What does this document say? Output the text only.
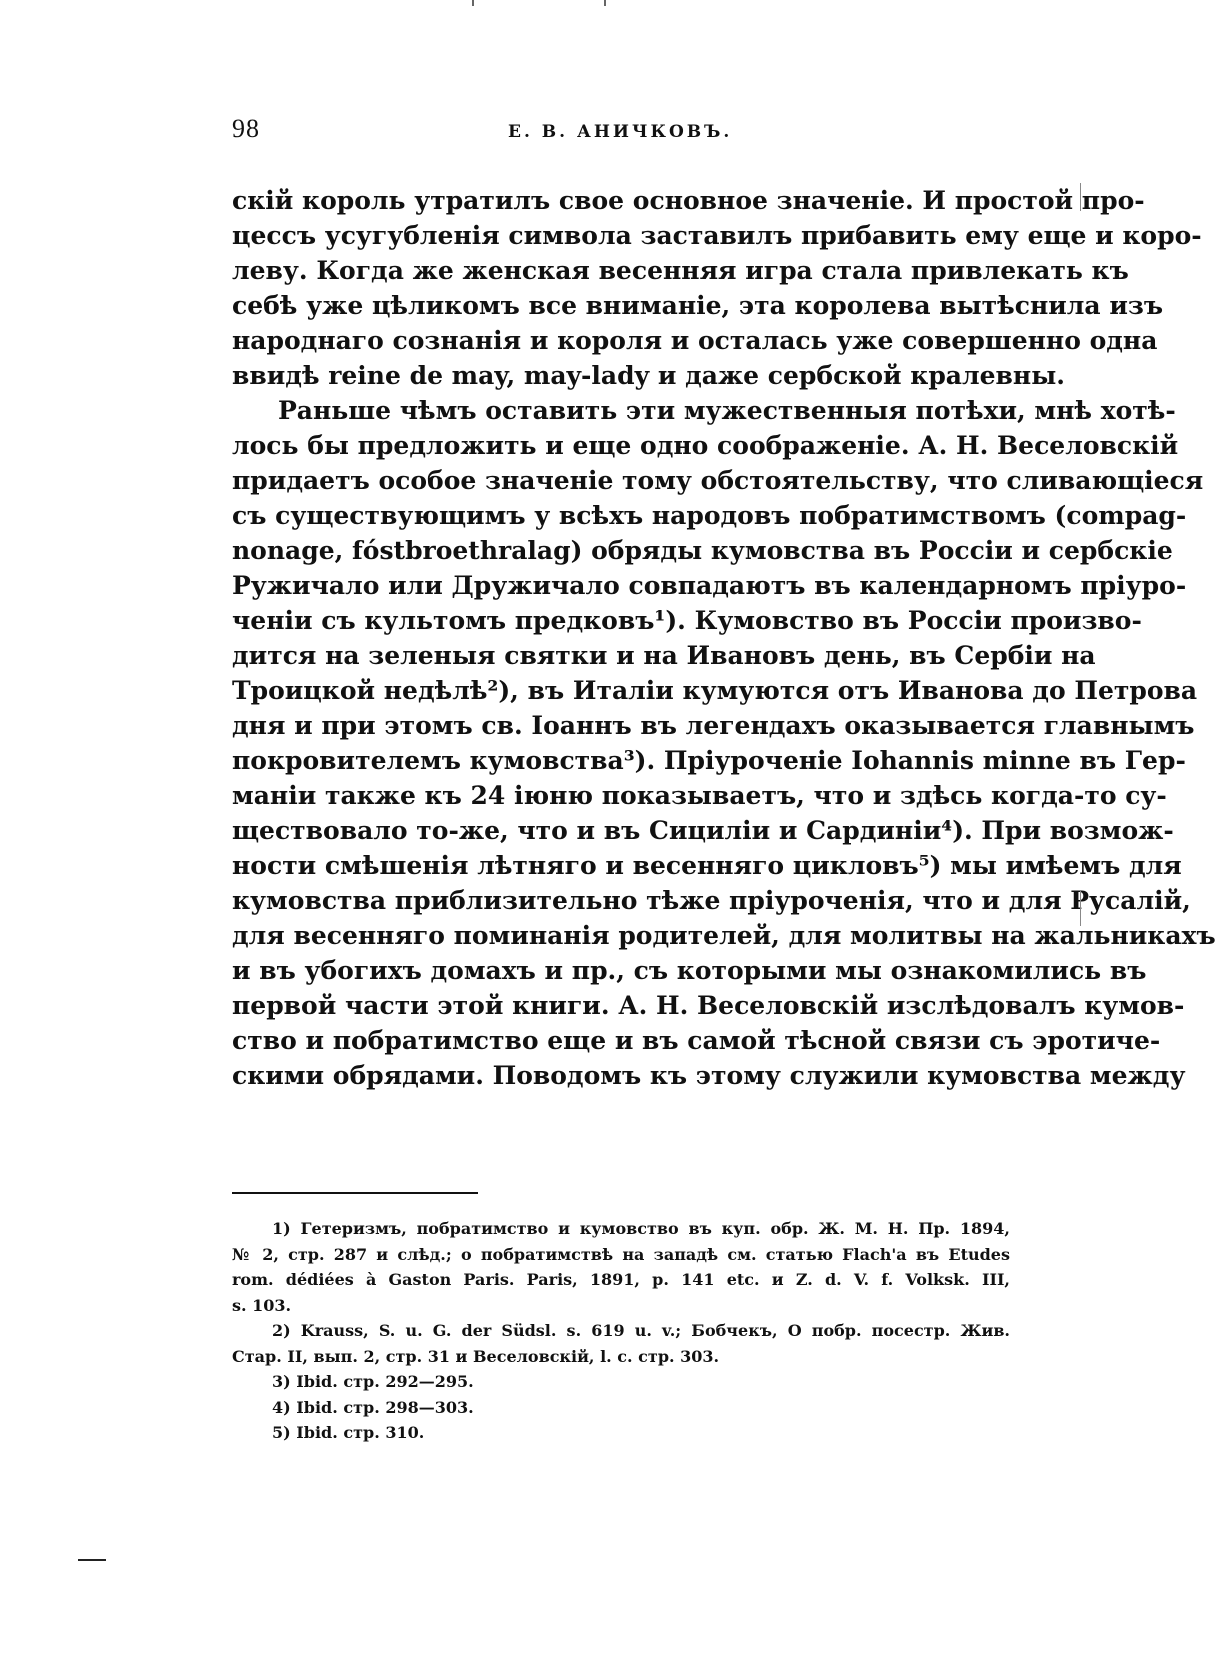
98	Е. В. АНИЧКОВЪ.
скій король утратилъ свое основное значеніе. И простой про-
цессъ усугубленія символа заставилъ прибавить ему еще и коро-
леву. Когда же женская весенняя игра стала привлекать къ
себѣ уже цѣликомъ все вниманіе, эта королева вытѣснила изъ
народнаго сознанія и короля и осталась уже совершенно одна
ввидѣ reine de may, may-lady и даже сербской кралевны.
Раньше чѣмъ оставить эти мужественныя потѣхи, мнѣ хотѣ-
лось бы предложить и еще одно соображеніе. А. Н. Веселовскій
придаетъ особое значеніе тому обстоятельству, что сливающіеся
съ существующимъ у всѣхъ народовъ побратимствомъ (compag-
nonage, fóstbroethralag) обряды кумовства въ Россіи и сербскіе
Ружичало или Дружичало совпадаютъ въ календарномъ пріуро-
ченіи съ культомъ предковъ¹). Кумовство въ Россіи произво-
дится на зеленыя святки и на Ивановъ день, въ Сербіи на
Троицкой недѣлѣ²), въ Италіи кумуются отъ Иванова до Петрова
дня и при этомъ св. Іоаннъ въ легендахъ оказывается главнымъ
покровителемъ кумовства³). Пріуроченіе Iohannis minne въ Гер-
маніи также къ 24 іюню показываетъ, что и здѣсь когда-то су-
ществовало то-же, что и въ Сициліи и Сардиніи⁴). При возмож-
ности смѣшенія лѣтняго и весенняго цикловъ⁵) мы имѣемъ для
кумовства приблизительно тѣже пріуроченія, что и для Русалій,
для весенняго поминанія родителей, для молитвы на жальникахъ
и въ убогихъ домахъ и пр., съ которыми мы ознакомились въ
первой части этой книги. А. Н. Веселовскій изслѣдовалъ кумов-
ство и побратимство еще и въ самой тѣсной связи съ эротиче-
скими обрядами. Поводомъ къ этому служили кумовства между
1) Гетеризмъ, побратимство и кумовство въ куп. обр. Ж. М. Н. Пр. 1894,
№ 2, стр. 287 и слѣд.; о побратимствѣ на западѣ см. статью Flach'а въ Etudes
rom. dédiées à Gaston Paris. Paris, 1891, p. 141 etc. и Z. d. V. f. Volksk. III,
s. 103.
2) Krauss, S. u. G. der Südsl. s. 619 u. v.; Бобчекъ, О побр. посестр. Жив.
Стар. II, вып. 2, стр. 31 и Веселовскій, l. c. стр. 303.
3) Ibid. стр. 292—295.
4) Ibid. стр. 298—303.
5) Ibid. стр. 310.
